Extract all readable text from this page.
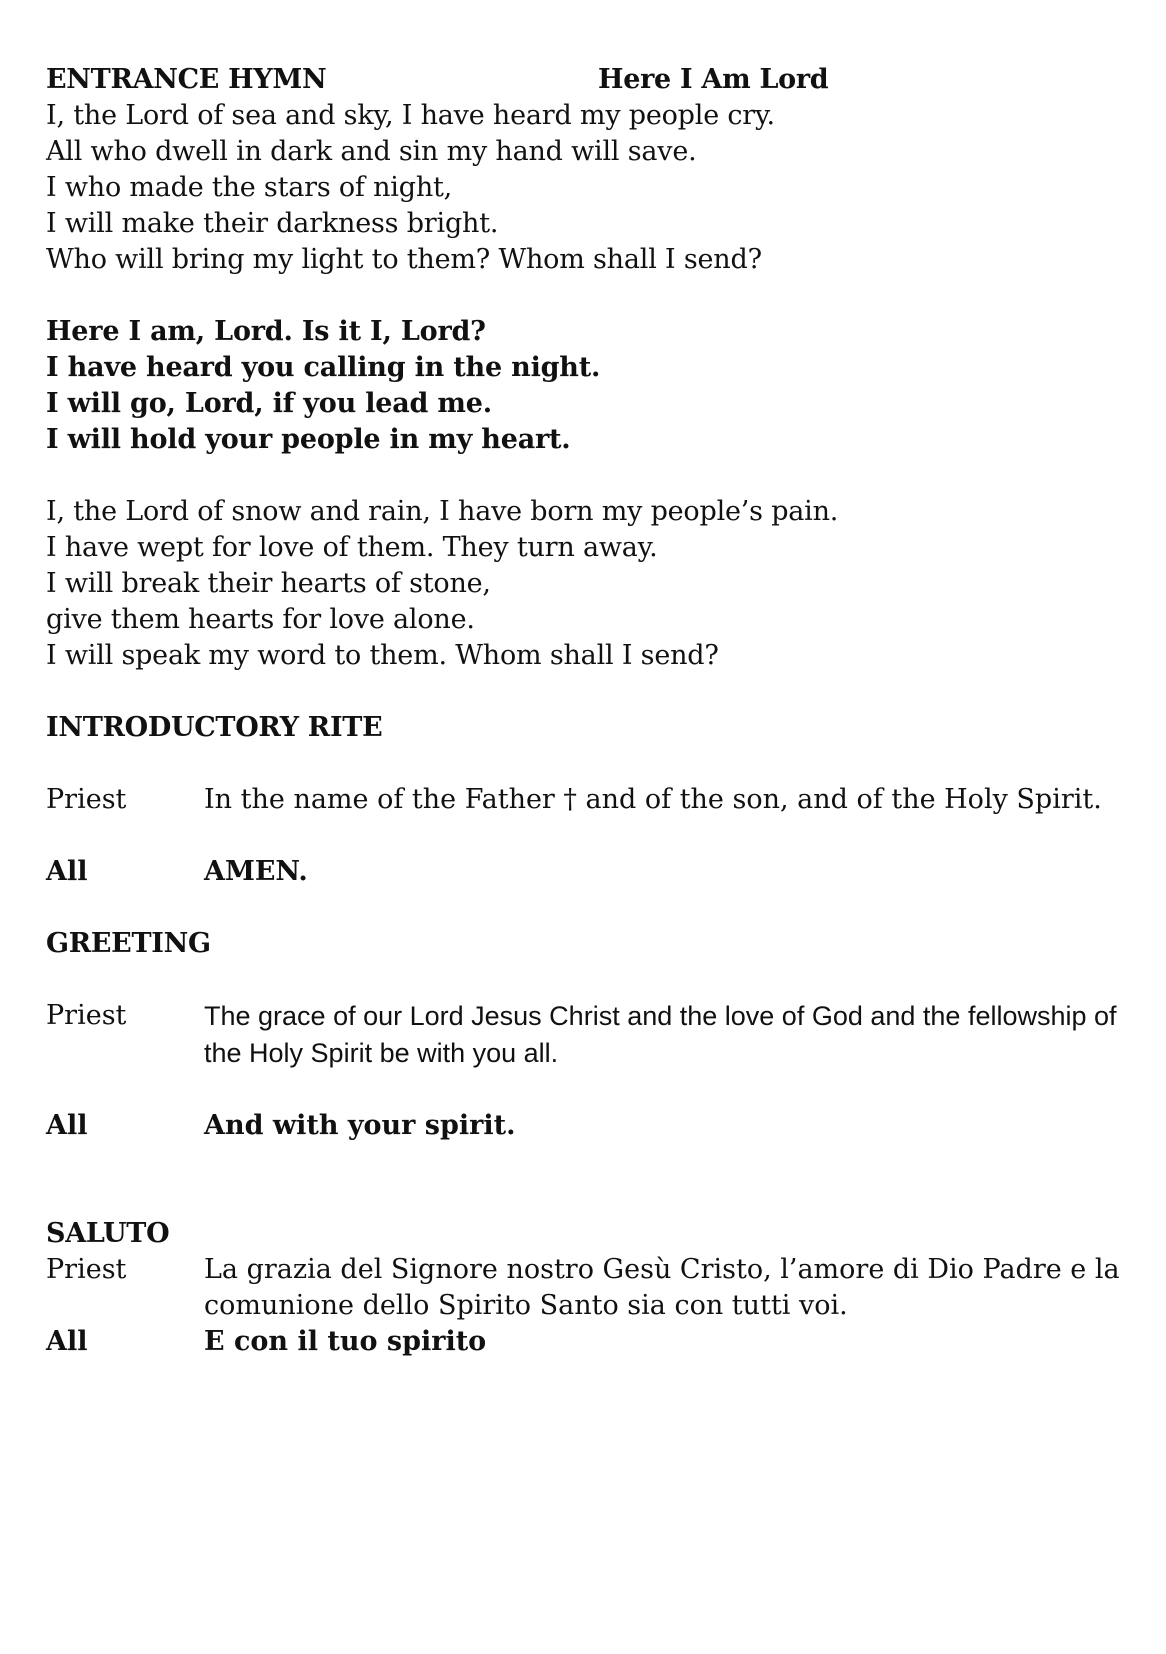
ENTRANCE HYMN	Here I Am Lord
I, the Lord of sea and sky, I have heard my people cry.
All who dwell in dark and sin my hand will save.
I who made the stars of night,
I will make their darkness bright.
Who will bring my light to them? Whom shall I send?
Here I am, Lord. Is it I, Lord?
I have heard you calling in the night.
I will go, Lord, if you lead me.
I will hold your people in my heart.
I, the Lord of snow and rain, I have born my people’s pain.
I have wept for love of them. They turn away.
I will break their hearts of stone,
give them hearts for love alone.
I will speak my word to them. Whom shall I send?
INTRODUCTORY RITE
Priest	In the name of the Father † and of the son, and of the Holy Spirit.
All	AMEN.
GREETING
Priest	The grace of our Lord Jesus Christ and the love of God and the fellowship of the Holy Spirit be with you all.
All	And with your spirit.
SALUTO
Priest	La grazia del Signore nostro Gesù Cristo, l’amore di Dio Padre e la comunione dello Spirito Santo sia con tutti voi.
All	E con il tuo spirito
